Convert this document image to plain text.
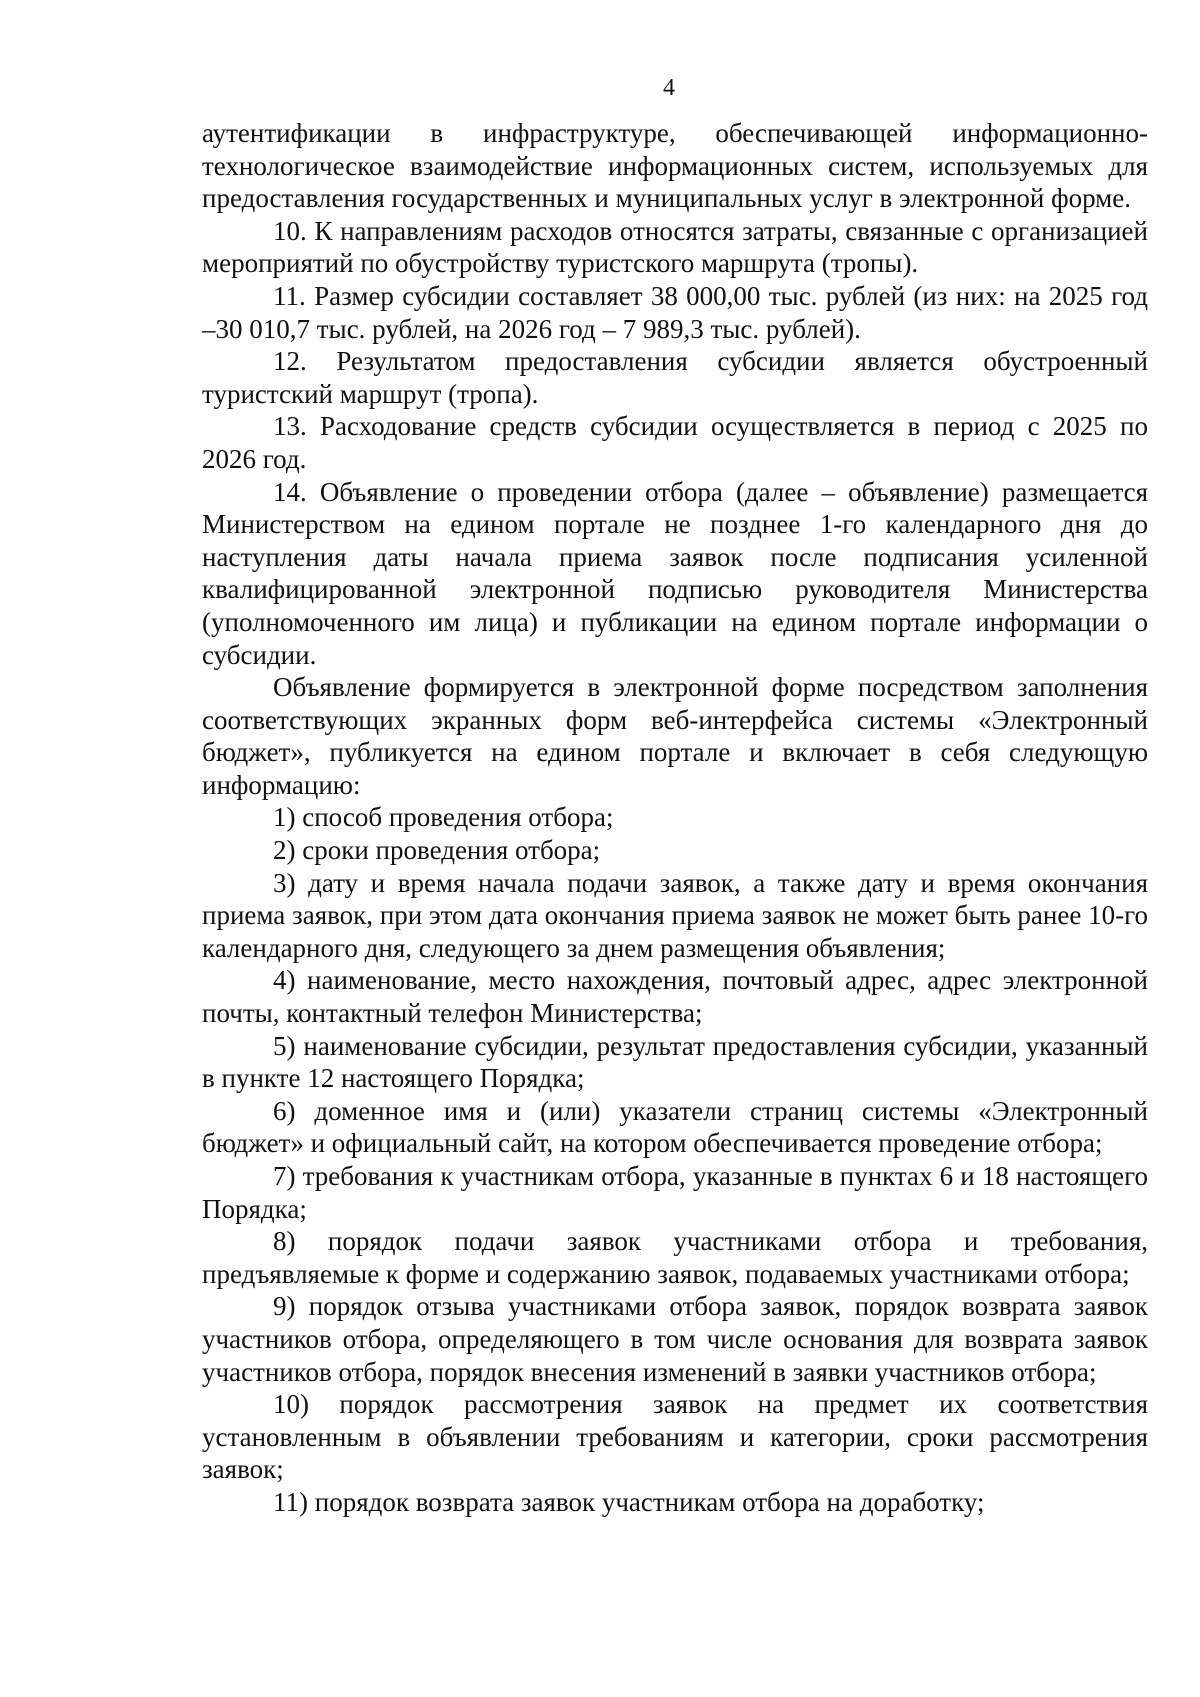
4

аутентификации в инфраструктуре, обеспечивающей информационно-технологическое взаимодействие информационных систем, используемых для предоставления государственных и муниципальных услуг в электронной форме.

10. К направлениям расходов относятся затраты, связанные с организацией мероприятий по обустройству туристского маршрута (тропы).

11. Размер субсидии составляет 38 000,00 тыс. рублей (из них: на 2025 год –30 010,7 тыс. рублей, на 2026 год – 7 989,3 тыс. рублей).

12. Результатом предоставления субсидии является обустроенный туристский маршрут (тропа).

13. Расходование средств субсидии осуществляется в период с 2025 по 2026 год.

14. Объявление о проведении отбора (далее – объявление) размещается Министерством на едином портале не позднее 1-го календарного дня до наступления даты начала приема заявок после подписания усиленной квалифицированной электронной подписью руководителя Министерства (уполномоченного им лица) и публикации на едином портале информации о субсидии.

Объявление формируется в электронной форме посредством заполнения соответствующих экранных форм веб-интерфейса системы «Электронный бюджет», публикуется на едином портале и включает в себя следующую информацию:

1) способ проведения отбора;

2) сроки проведения отбора;

3) дату и время начала подачи заявок, а также дату и время окончания приема заявок, при этом дата окончания приема заявок не может быть ранее 10-го календарного дня, следующего за днем размещения объявления;

4) наименование, место нахождения, почтовый адрес, адрес электронной почты, контактный телефон Министерства;

5) наименование субсидии, результат предоставления субсидии, указанный в пункте 12 настоящего Порядка;

6) доменное имя и (или) указатели страниц системы «Электронный бюджет» и официальный сайт, на котором обеспечивается проведение отбора;

7) требования к участникам отбора, указанные в пунктах 6 и 18 настоящего Порядка;

8) порядок подачи заявок участниками отбора и требования, предъявляемые к форме и содержанию заявок, подаваемых участниками отбора;

9) порядок отзыва участниками отбора заявок, порядок возврата заявок участников отбора, определяющего в том числе основания для возврата заявок участников отбора, порядок внесения изменений в заявки участников отбора;

10) порядок рассмотрения заявок на предмет их соответствия установленным в объявлении требованиям и категории, сроки рассмотрения заявок;

11) порядок возврата заявок участникам отбора на доработку;
